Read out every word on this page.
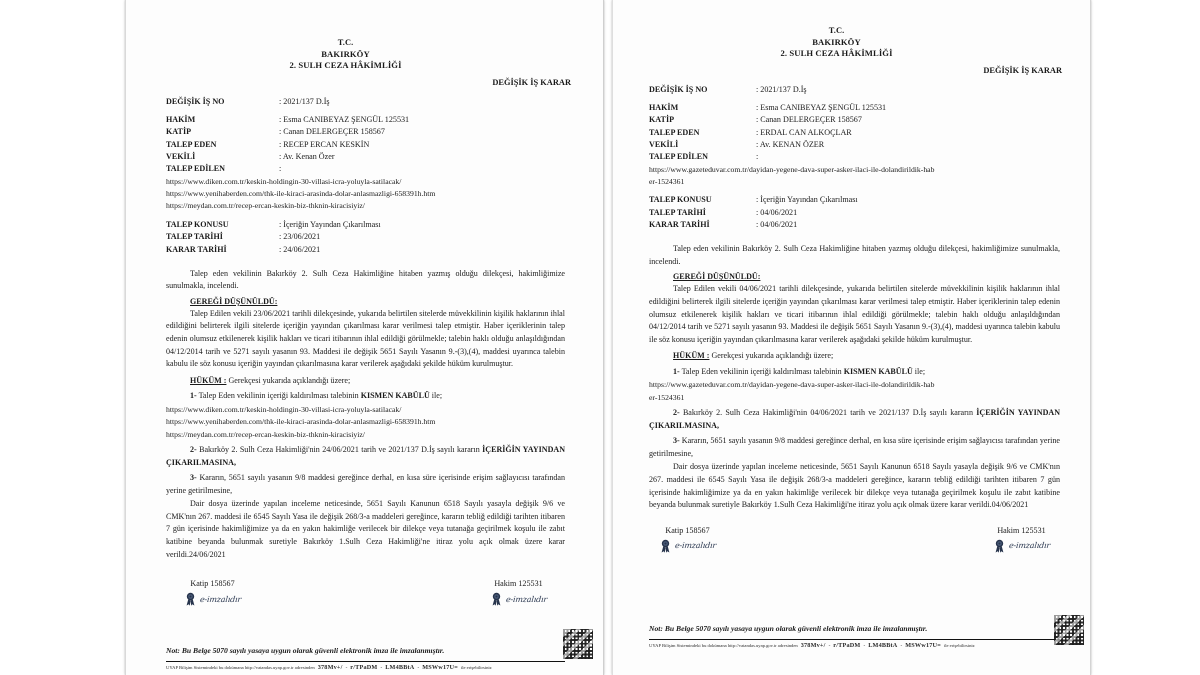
T.C.
BAKIRKÖY
2. SULH CEZA HÂKİMLİĞİ
DEĞİŞİK İŞ KARAR
DEĞİŞİK İŞ NO	: 2021/137 D.İş
HAKİM	: Esma CANIBEYAZ ŞENGÜL 125531
KATİP	: Canan DELERGEÇER 158567
TALEP EDEN	: RECEP ERCAN KESKİN
VEKİLİ	: Av. Kenan Özer
TALEP EDİLEN	:
https://www.diken.com.tr/keskin-holdingin-30-villasi-icra-yoluyla-satilacak/
https://www.yenihaberden.com/thk-ile-kiraci-arasinda-dolar-anlasmazligi-658391h.htm
https://meydan.com.tr/recep-ercan-keskin-biz-thknin-kiracisiyiz/
TALEP KONUSU	: İçeriğin Yayından Çıkarılması
TALEP TARİHİ	: 23/06/2021
KARAR TARİHİ	: 24/06/2021

Talep eden vekilinin Bakırköy 2. Sulh Ceza Hakimliğine hitaben yazmış olduğu dilekçesi, hakimliğimize sunulmakla, incelendi.

GEREĞİ DÜŞÜNÜLDÜ:

Talep Edilen vekili 23/06/2021 tarihli dilekçesinde, yukarıda belirtilen sitelerde müvekkilinin kişilik haklarının ihlal edildiğini belirterek ilgili sitelerde içeriğin yayından çıkarılması karar verilmesi talep etmiştir. Haber içeriklerinin talep edenin olumsuz etkilenerek kişilik hakları ve ticari itibarının ihlal edildiği görülmekle; talebin haklı olduğu anlaşıldığından 04/12/2014 tarih ve 5271 sayılı yasanın 93. Maddesi ile değişik 5651 Sayılı Yasanın 9.-(3),(4), maddesi uyarınca talebin kabulu ile söz konusu içeriğin yayından çıkarılmasına karar verilerek aşağıdaki şekilde hüküm kurulmuştur.

HÜKÜM : Gerekçesi yukarıda açıklandığı üzere;
1- Talep Eden vekilinin içeriği kaldırılması talebinin KISMEN KABÜLÜ ile;
https://www.diken.com.tr/keskin-holdingin-30-villasi-icra-yoluyla-satilacak/
https://www.yenihaberden.com/thk-ile-kiraci-arasinda-dolar-anlasmazligi-658391h.htm
https://meydan.com.tr/recep-ercan-keskin-biz-thknin-kiracisiyiz/
2- Bakırköy 2. Sulh Ceza Hakimliği'nin 24/06/2021 tarih ve 2021/137 D.İş sayılı kararın İÇERİĞİN YAYINDAN ÇIKARILMASINA,
3- Kararın, 5651 sayılı yasanın 9/8 maddesi gereğince derhal, en kısa süre içerisinde erişim sağlayıcısı tarafından yerine getirilmesine,

Dair dosya üzerinde yapılan inceleme neticesinde, 5651 Sayılı Kanunun 6518 Sayılı yasayla değişik 9/6 ve CMK'nın 267. maddesi ile 6545 Sayılı Yasa ile değişik 268/3-a maddeleri gereğince, kararın tebliğ edildiği tarihten itibaren 7 gün içerisinde hakimliğimize ya da en yakın hakimliğe verilecek bir dilekçe veya tutanağa geçirilmek koşulu ile zabıt katibine beyanda bulunmak suretiyle Bakırköy 1.Sulh Ceza Hakimliği'ne itiraz yolu açık olmak üzere karar verildi.24/06/2021

Katip 158567
e-imzalıdır
Hakim 125531
e-imzalıdır
Not: Bu Belge 5070 sayılı yasaya uygun olarak güvenli elektronik imza ile imzalanmıştır.
UYAP Bilişim Sistemindeki bu dokümana http://vatandas.uyap.gov.tr adresinden 378Mv+/ - r/TPaDM - LM4BBtA - MSWw17U= ile erişebilirsiniz
T.C.
BAKIRKÖY
2. SULH CEZA HÂKİMLİĞİ
DEĞİŞİK İŞ KARAR
DEĞİŞİK İŞ NO	: 2021/137 D.İş
HAKİM	: Esma CANIBEYAZ ŞENGÜL 125531
KATİP	: Canan DELERGEÇER 158567
TALEP EDEN	: ERDAL CAN ALKOÇLAR
VEKİLİ	: Av. KENAN ÖZER
TALEP EDİLEN	:
https://www.gazeteduvar.com.tr/dayidan-yegene-dava-super-asker-ilaci-ile-dolandirildik-hab
er-1524361
TALEP KONUSU	: İçeriğin Yayından Çıkarılması
TALEP TARİHİ	: 04/06/2021
KARAR TARİHİ	: 04/06/2021

Talep eden vekilinin Bakırköy 2. Sulh Ceza Hakimliğine hitaben yazmış olduğu dilekçesi, hakimliğimize sunulmakla, incelendi.

GEREĞİ DÜŞÜNÜLDÜ:

Talep Edilen vekili 04/06/2021 tarihli dilekçesinde, yukarıda belirtilen sitelerde müvekkilinin kişilik haklarının ihlal edildiğini belirterek ilgili sitelerde içeriğin yayından çıkarılması karar verilmesi talep etmiştir. Haber içeriklerinin talep edenin olumsuz etkilenerek kişilik hakları ve ticari itibarının ihlal edildiği görülmekle; talebin haklı olduğu anlaşıldığından 04/12/2014 tarih ve 5271 sayılı yasanın 93. Maddesi ile değişik 5651 Sayılı Yasanın 9.-(3),(4), maddesi uyarınca talebin kabulu ile söz konusu içeriğin yayından çıkarılmasına karar verilerek aşağıdaki şekilde hüküm kurulmuştur.

HÜKÜM : Gerekçesi yukarıda açıklandığı üzere;
1- Talep Eden vekilinin içeriği kaldırılması talebinin KISMEN KABÜLÜ ile;
https://www.gazeteduvar.com.tr/dayidan-yegene-dava-super-asker-ilaci-ile-dolandirildik-hab
er-1524361
2- Bakırköy 2. Sulh Ceza Hakimliği'nin 04/06/2021 tarih ve 2021/137 D.İş sayılı kararın İÇERİĞİN YAYINDAN ÇIKARILMASINA,
3- Kararın, 5651 sayılı yasanın 9/8 maddesi gereğince derhal, en kısa süre içerisinde erişim sağlayıcısı tarafından yerine getirilmesine,

Dair dosya üzerinde yapılan inceleme neticesinde, 5651 Sayılı Kanunun 6518 Sayılı yasayla değişik 9/6 ve CMK'nın 267. maddesi ile 6545 Sayılı Yasa ile değişik 268/3-a maddeleri gereğince, kararın tebliğ edildiği tarihten itibaren 7 gün içerisinde hakimliğimize ya da en yakın hakimliğe verilecek bir dilekçe veya tutanağa geçirilmek koşulu ile zabıt katibine beyanda bulunmak suretiyle Bakırköy 1.Sulh Ceza Hakimliği'ne itiraz yolu açık olmak üzere karar verildi.04/06/2021

Katip 158567
e-imzalıdır
Hakim 125531
e-imzalıdır
Not: Bu Belge 5070 sayılı yasaya uygun olarak güvenli elektronik imza ile imzalanmıştır.
UYAP Bilişim Sistemindeki bu dokümana http://vatandas.uyap.gov.tr adresinden 378Mv+/ - r/TPaDM - LM4BBtA - MSWw17U= ile erişebilirsiniz
